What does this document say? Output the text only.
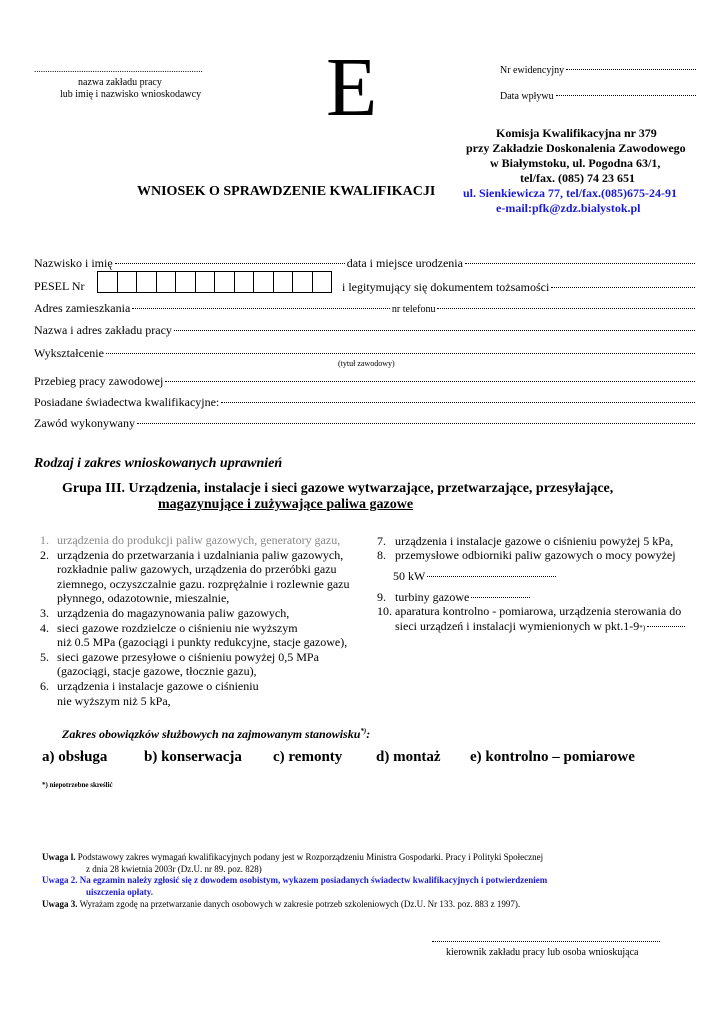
...........................................................................
nazwa zakładu pracy
lub imię i nazwisko wnioskodawcy E	Nr ewidencyjny
Data wpływu
Komisja Kwalifikacyjna nr 379
przy Zakładzie Doskonalenia Zawodowego
w Białymstoku, ul. Pogodna 63/1,
tel/fax. (085) 74 23 651
ul. Sienkiewicza 77, tel/fax.(085)675-24-91
e-mail:pfk@zdz.bialystok.pl
WNIOSEK O SPRAWDZENIE KWALIFIKACJI
Nazwisko i imię	data i miejsce urodzenia
PESEL Nr	i legitymujący się dokumentem tożsamości
Adres zamieszkania	nr telefonu
Nazwa i adres zakładu pracy
Wykształcenie
(tytuł zawodowy)
Przebieg pracy zawodowej
Posiadane świadectwa kwalifikacyjne:
Zawód wykonywany
Rodzaj i zakres wnioskowanych uprawnień
Grupa III. Urządzenia, instalacje i sieci gazowe wytwarzające, przetwarzające, przesyłające,
magazynujące i zużywające paliwa gazowe
1. urządzenia do produkcji paliw gazowych, generatory gazu,
2. urządzenia do przetwarzania i uzdalniania paliw gazowych,
rozkładnie paliw gazowych, urządzenia do przeróbki gazu
ziemnego, oczyszczalnie gazu. rozprężalnie i rozlewnie gazu
płynnego, odazotownie, mieszalnie,
3. urządzenia do magazynowania paliw gazowych,
4. sieci gazowe rozdzielcze o ciśnieniu nie wyższym
niż 0.5 MPa (gazociągi i punkty redukcyjne, stacje gazowe),
5. sieci gazowe przesyłowe o ciśnieniu powyżej 0,5 MPa
(gazociągi, stacje gazowe, tłocznie gazu),
6. urządzenia i instalacje gazowe o ciśnieniu
nie wyższym niż 5 kPa,
7. urządzenia i instalacje gazowe o ciśnieniu powyżej 5 kPa,
8. przemysłowe odbiorniki paliw gazowych o mocy powyżej
50 kW
9. turbiny gazowe
10. aparatura kontrolno - pomiarowa, urządzenia sterowania do
sieci urządzeń i instalacji wymienionych w pkt.1-9 *)
Zakres obowiązków służbowych na zajmowanym stanowisku*):
a) obsługa b) konserwacja c) remonty d) montaż e) kontrolno – pomiarowe
*) niepotrzebne skreślić
Uwaga l. Podstawowy zakres wymagań kwalifikacyjnych podany jest w Rozporządzeniu Ministra Gospodarki. Pracy i Polityki Społecznej
z dnia 28 kwietnia 2003r (Dz.U. nr 89. poz. 828)
Uwaga 2. Na egzamin należy zgłosić się z dowodem osobistym, wykazem posiadanych świadectw kwalifikacyjnych i potwierdzeniem
uiszczenia opłaty.
Uwaga 3. Wyrażam zgodę na przetwarzanie danych osobowych w zakresie potrzeb szkoleniowych (Dz.U. Nr 133. poz. 883 z 1997).
kierownik zakładu pracy lub osoba wnioskująca
